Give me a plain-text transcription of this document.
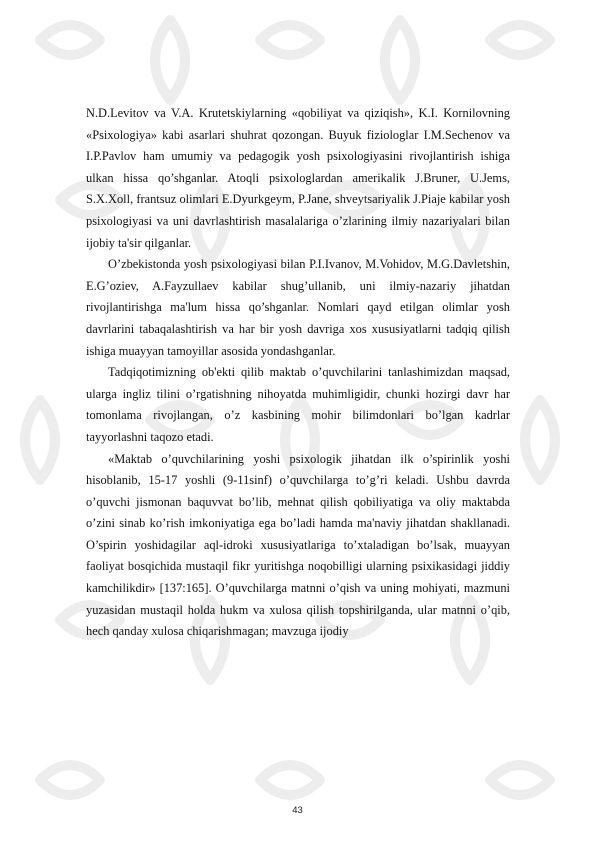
N.D.Levitov va V.A. Krutetskiylarning «qobiliyat va qiziqish», K.I. Kornilovning «Psixologiya» kabi asarlari shuhrat qozongan. Buyuk fiziologlar I.M.Sechenov va I.P.Pavlov ham umumiy va pedagogik yosh psixologiyasini rivojlantirish ishiga ulkan hissa qo’shganlar. Atoqli psixologlardan amerikalik J.Bruner, U.Jems, S.X.Xoll, frantsuz olimlari E.Dyurkgeym, P.Jane, shveytsariyalik J.Piaje kabilar yosh psixologiyasi va uni davrlashtirish masalalariga o’zlarining ilmiy nazariyalari bilan ijobiy ta'sir qilganlar.

O’zbekistonda yosh psixologiyasi bilan P.I.Ivanov, M.Vohidov, M.G.Davletshin, E.G’oziev, A.Fayzullaev kabilar shug’ullanib, uni ilmiy-nazariy jihatdan rivojlantirishga ma'lum hissa qo’shganlar. Nomlari qayd etilgan olimlar yosh davrlarini tabaqalashtirish va har bir yosh davriga xos xususiyatlarni tadqiq qilish ishiga muayyan tamoyillar asosida yondashganlar.

Tadqiqotimizning ob'ekti qilib maktab o’quvchilarini tanlashimizdan maqsad, ularga ingliz tilini o’rgatishning nihoyatda muhimligidir, chunki hozirgi davr har tomonlama rivojlangan, o’z kasbining mohir bilimdonlari bo’lgan kadrlar tayyorlashni taqozo etadi.

«Maktab o’quvchilarining yoshi psixologik jihatdan ilk o’spirinlik yoshi hisoblanib, 15-17 yoshli (9-11sinf) o’quvchilarga to’g’ri keladi. Ushbu davrda o’quvchi jismonan baquvvat bo’lib, mehnat qilish qobiliyatiga va oliy maktabda o’zini sinab ko’rish imkoniyatiga ega bo’ladi hamda ma'naviy jihatdan shakllanadi. O’spirin yoshidagilar aql-idroki xususiyatlariga to’xtaladigan bo’lsak, muayyan faoliyat bosqichida mustaqil fikr yuritishga noqobilligi ularning psixikasidagi jiddiy kamchilikdir» [137:165]. O’quvchilarga matnni o’qish va uning mohiyati, mazmuni yuzasidan mustaqil holda hukm va xulosa qilish topshirilganda, ular matnni o’qib, hech qanday xulosa chiqarishmagan; mavzuga ijodiy

43
